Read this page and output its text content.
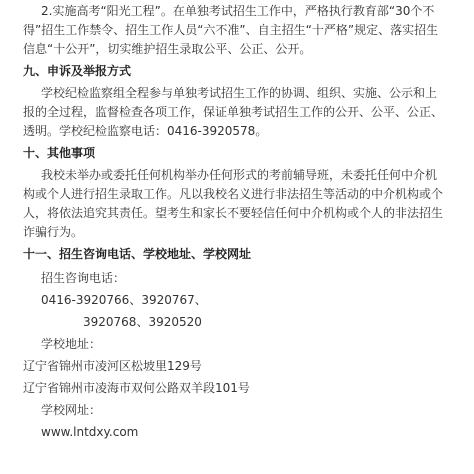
2.实施高考“阳光工程”。在单独考试招生工作中，严格执行教育部“30个不
得”招生工作禁令、招生工作人员“六不准”、自主招生“十严格”规定、落实招生
信息“十公开”，切实维护招生录取公平、公正、公开。
九、申诉及举报方式
学校纪检监察组全程参与单独考试招生工作的协调、组织、实施、公示和上
报的全过程，监督检查各项工作，保证单独考试招生工作的公开、公平、公正、
透明。学校纪检监察电话：0416-3920578。
十、其他事项
我校未举办或委托任何机构举办任何形式的考前辅导班，未委托任何中介机
构或个人进行招生录取工作。凡以我校名义进行非法招生等活动的中介机构或个
人，将依法追究其责任。望考生和家长不要轻信任何中介机构或个人的非法招生
诈骗行为。
十一、招生咨询电话、学校地址、学校网址
招生咨询电话：
0416-3920766、3920767、
3920768、3920520
学校地址：
辽宁省锦州市凌河区松坡里129号
辽宁省锦州市凌海市双何公路双羊段101号
学校网址：
www.lntdxy.com
